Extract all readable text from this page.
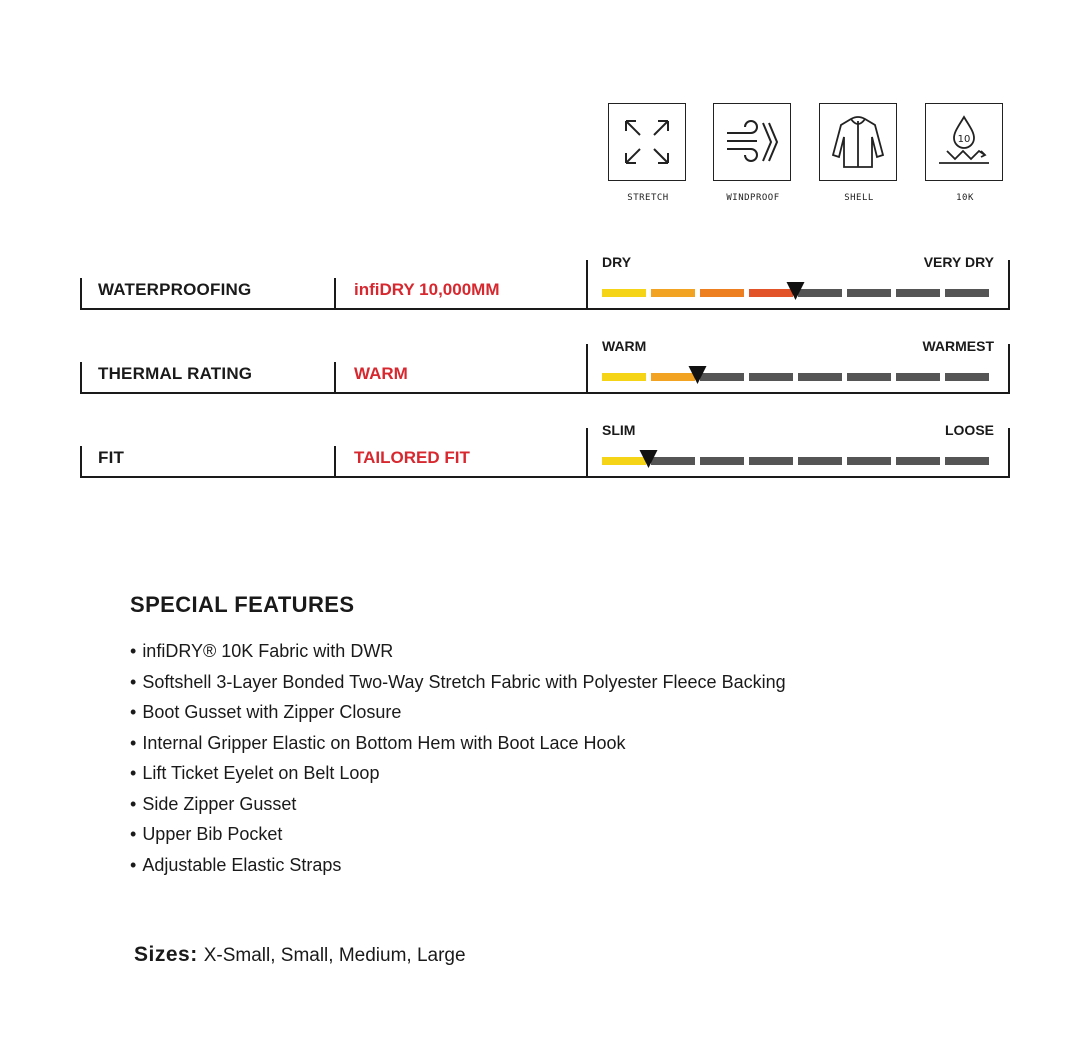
STRETCH	WINDPROOF	SHELL
10
10K
WATERPROOFING	infiDRY 10,000MM
DRY	VERY DRY
THERMAL RATING	WARM
WARM	WARMEST
FIT	TAILORED FIT
SLIM	LOOSE
SPECIAL FEATURES
• infiDRY® 10K Fabric with DWR
• Softshell 3-Layer Bonded Two-Way Stretch Fabric with Polyester Fleece Backing
• Boot Gusset with Zipper Closure
• Internal Gripper Elastic on Bottom Hem with Boot Lace Hook
• Lift Ticket Eyelet on Belt Loop
• Side Zipper Gusset
• Upper Bib Pocket
• Adjustable Elastic Straps
Sizes: X-Small, Small, Medium, Large
